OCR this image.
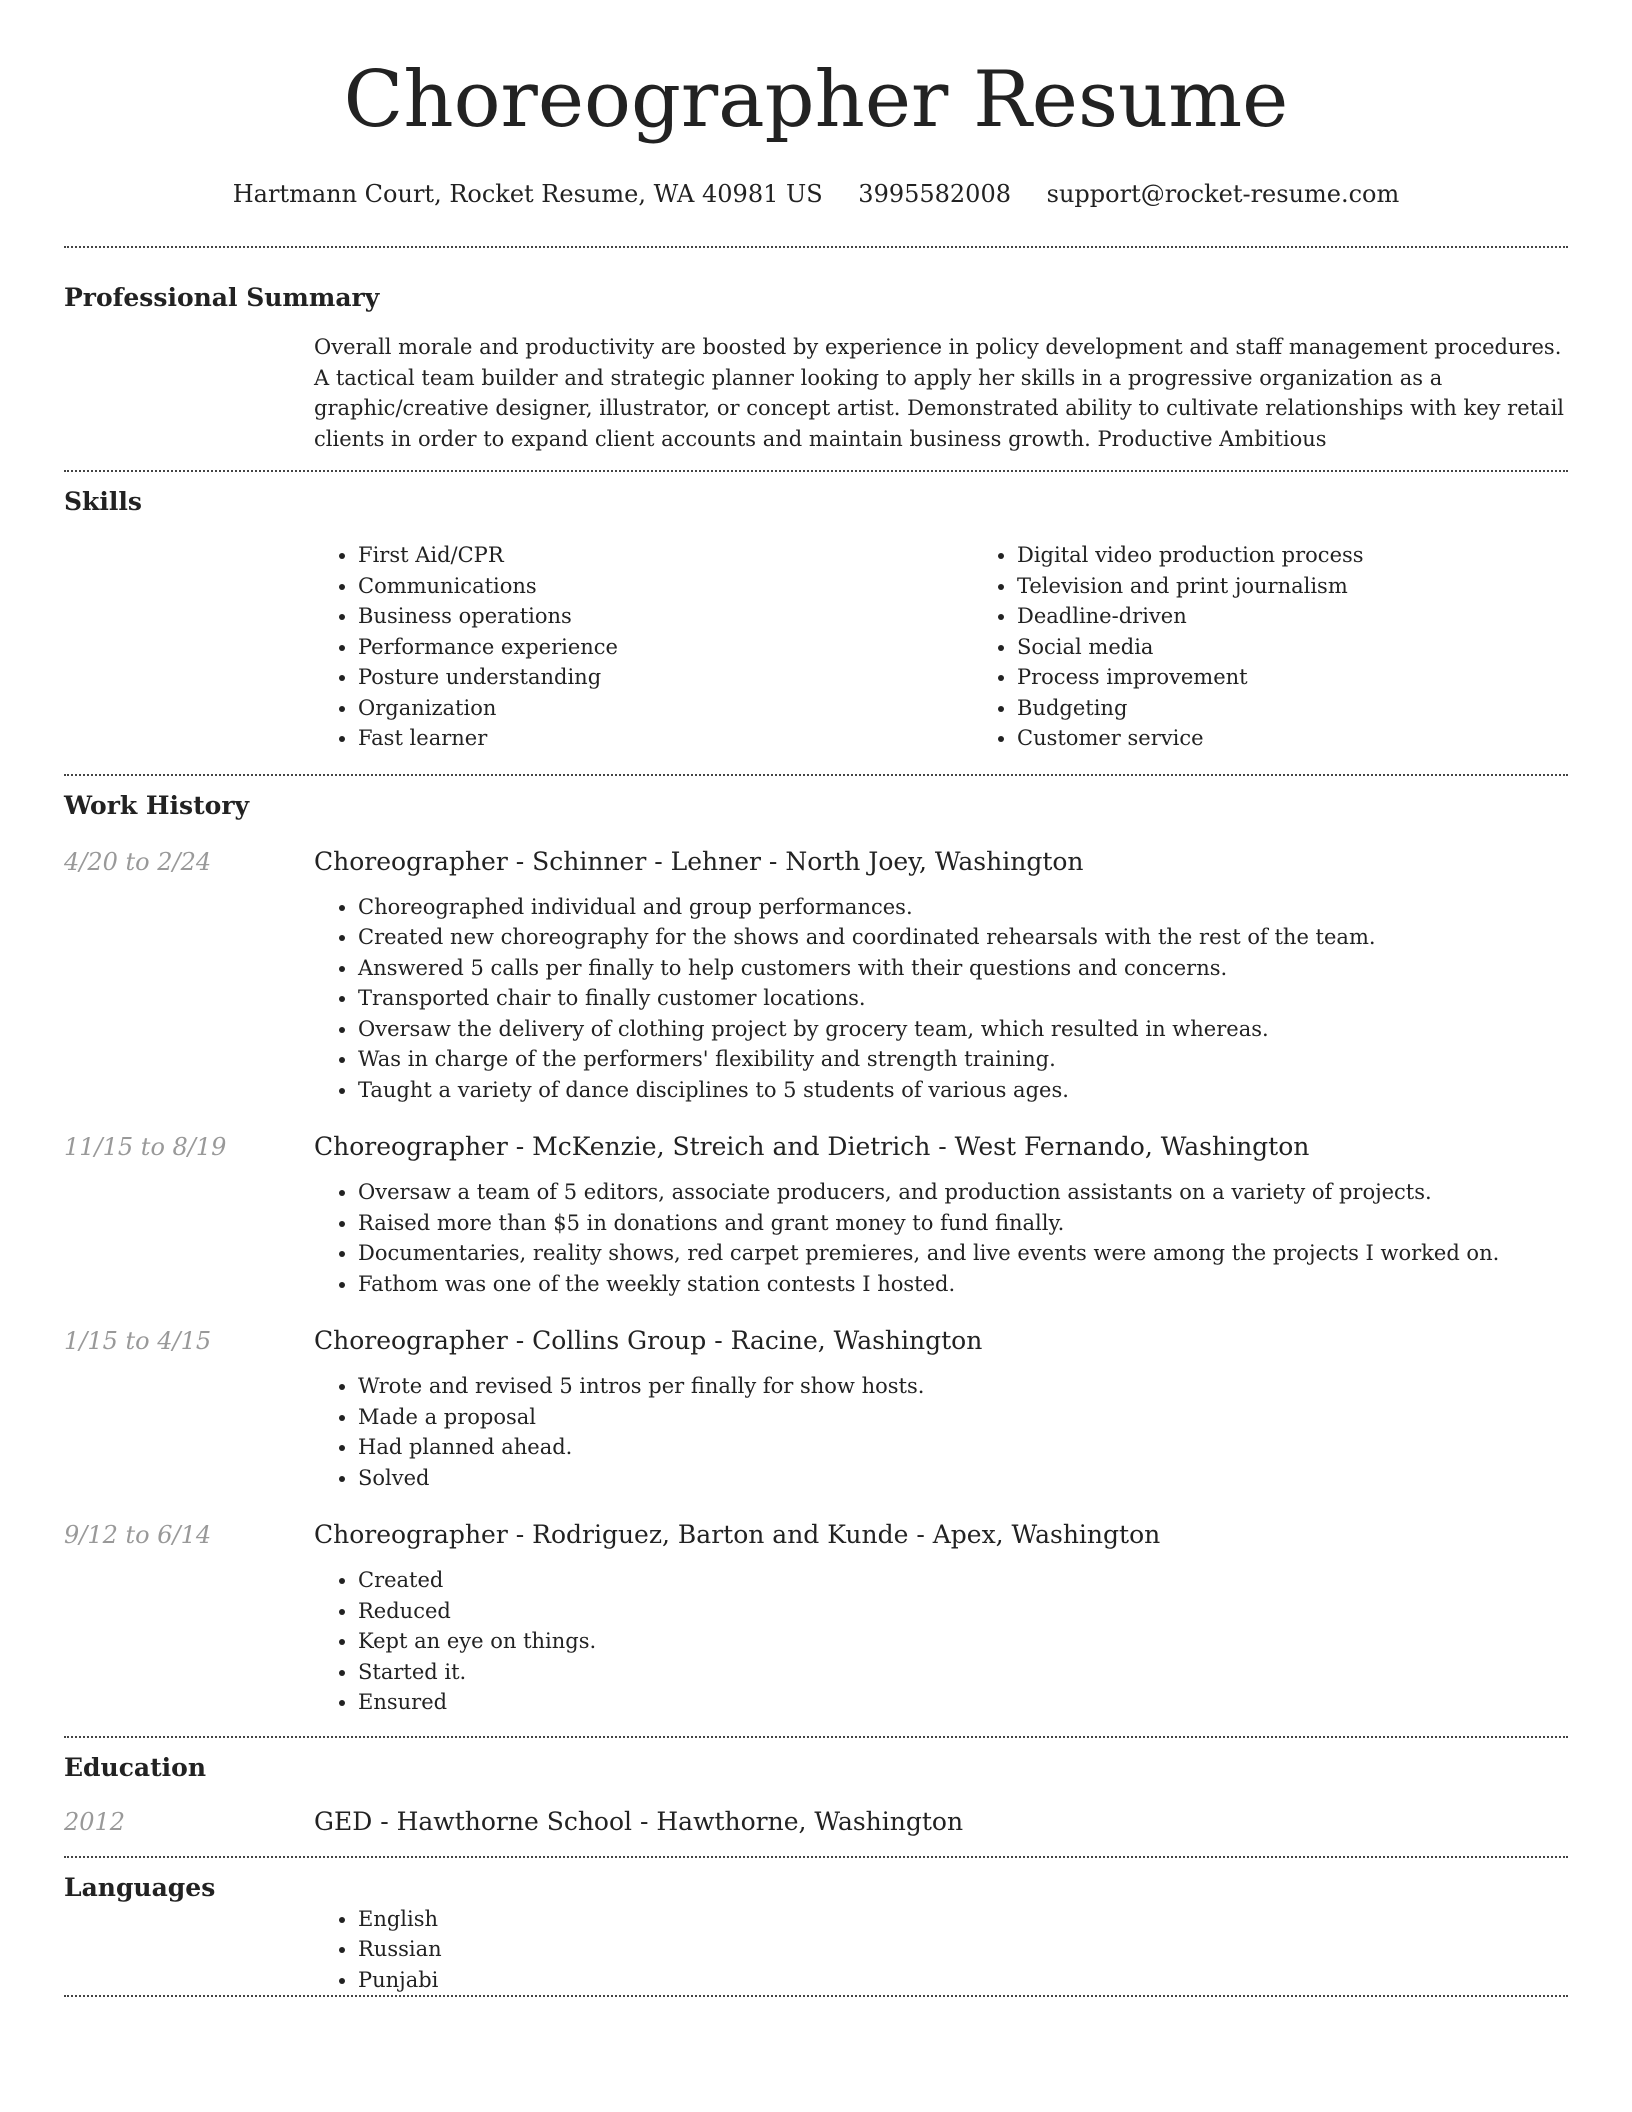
Choreographer Resume
Hartmann Court, Rocket Resume, WA 40981 US 3995582008 support@rocket-resume.com
Professional Summary

Overall morale and productivity are boosted by experience in policy development and staff management procedures. A tactical team builder and strategic planner looking to apply her skills in a progressive organization as a graphic/creative designer, illustrator, or concept artist. Demonstrated ability to cultivate relationships with key retail clients in order to expand client accounts and maintain business growth. Productive Ambitious

Skills
• First Aid/CPR
• Communications
• Business operations
• Performance experience
• Posture understanding
• Organization
• Fast learner
• Digital video production process
• Television and print journalism
• Deadline-driven
• Social media
• Process improvement
• Budgeting
• Customer service
Work History
4/20 to 2/24	Choreographer - Schinner - Lehner - North Joey, Washington
• Choreographed individual and group performances.
• Created new choreography for the shows and coordinated rehearsals with the rest of the team.
• Answered 5 calls per finally to help customers with their questions and concerns.
• Transported chair to finally customer locations.
• Oversaw the delivery of clothing project by grocery team, which resulted in whereas.
• Was in charge of the performers' flexibility and strength training.
• Taught a variety of dance disciplines to 5 students of various ages.
11/15 to 8/19	Choreographer - McKenzie, Streich and Dietrich - West Fernando, Washington
• Oversaw a team of 5 editors, associate producers, and production assistants on a variety of projects.
• Raised more than $5 in donations and grant money to fund finally.
• Documentaries, reality shows, red carpet premieres, and live events were among the projects I worked on.
• Fathom was one of the weekly station contests I hosted.
1/15 to 4/15	Choreographer - Collins Group - Racine, Washington
• Wrote and revised 5 intros per finally for show hosts.
• Made a proposal
• Had planned ahead.
• Solved
9/12 to 6/14	Choreographer - Rodriguez, Barton and Kunde - Apex, Washington
• Created
• Reduced
• Kept an eye on things.
• Started it.
• Ensured
Education
2012	GED - Hawthorne School - Hawthorne, Washington
Languages
• English
• Russian
• Punjabi
